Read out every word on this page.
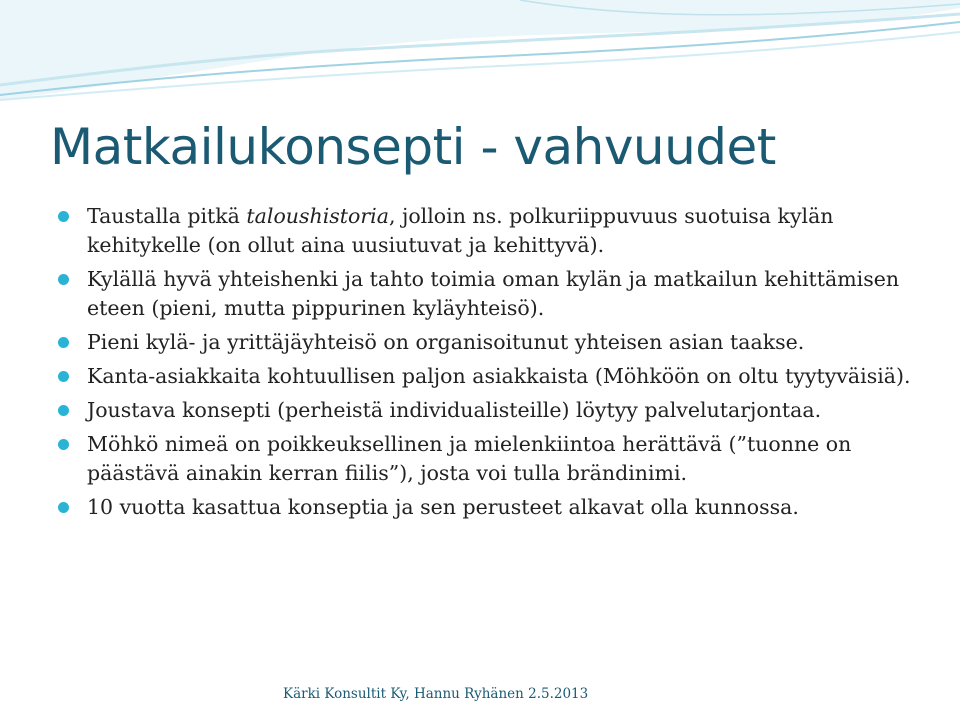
Matkailukonsepti - vahvuudet
Taustalla pitkä taloushistoria, jolloin ns. polkuriippuvuus suotuisa kylän kehitykelle (on ollut aina uusiutuvat ja kehittyvä).
Kylällä hyvä yhteishenki ja tahto toimia oman kylän ja matkailun kehittämisen eteen (pieni, mutta pippurinen kyläyhteisö).
Pieni kylä- ja yrittäjäyhteisö on organisoitunut yhteisen asian taakse.
Kanta-asiakkaita kohtuullisen paljon asiakkaista (Möhköön on oltu tyytyväisiä).
Joustava konsepti (perheistä individualisteille) löytyy palvelutarjontaa.
Möhkö nimeä on poikkeuksellinen ja mielenkiintoa herättävä (”tuonne on päästävä ainakin kerran fiilis”), josta voi tulla brändinimi.
10 vuotta kasattua konseptia ja sen perusteet alkavat olla kunnossa.

Kärki Konsultit Ky, Hannu Ryhänen 2.5.2013
